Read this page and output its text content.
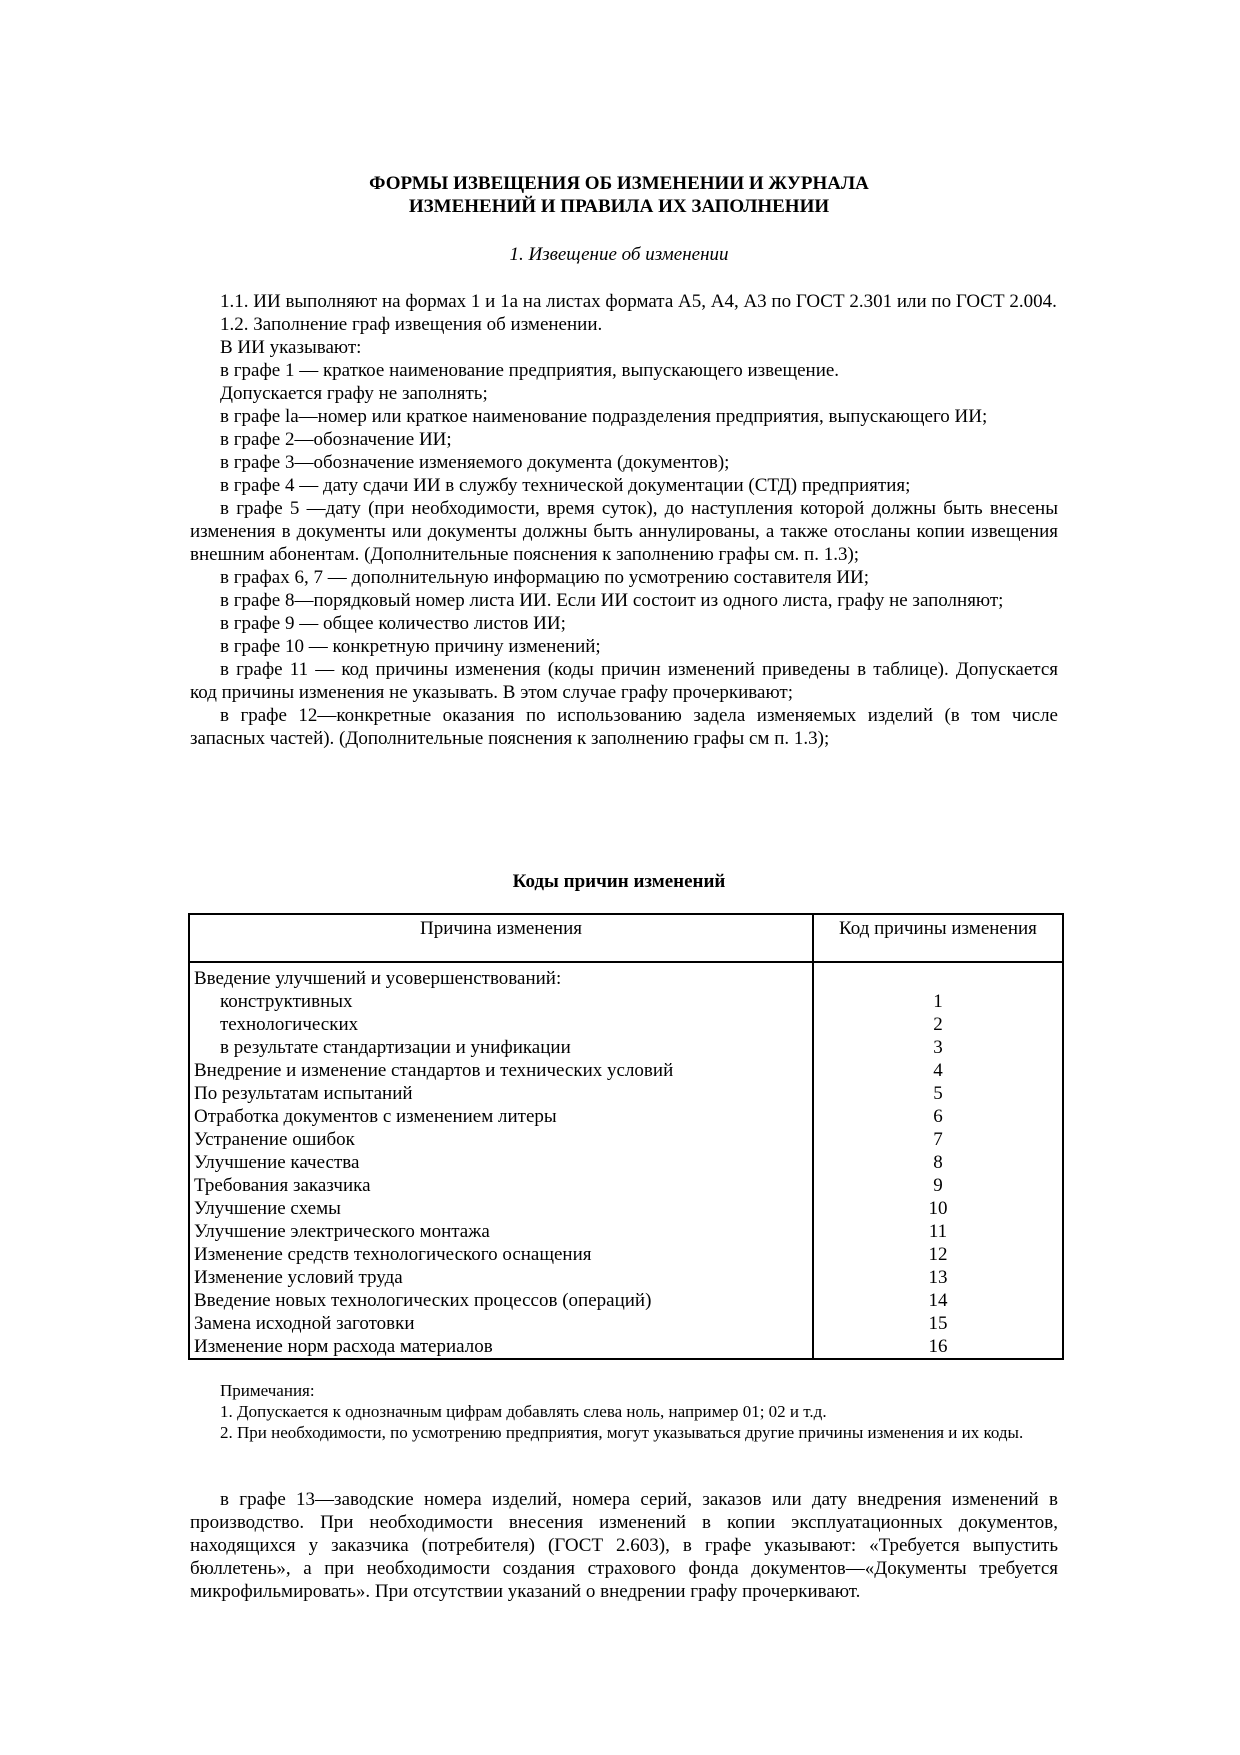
ФОРМЫ ИЗВЕЩЕНИЯ ОБ ИЗМЕНЕНИИ И ЖУРНАЛА
ИЗМЕНЕНИЙ И ПРАВИЛА ИХ ЗАПОЛНЕНИИ
1. Извещение об изменении

1.1. ИИ выполняют на формах 1 и 1а на листах формата А5, А4, А3 по ГОСТ 2.301 или по ГОСТ 2.004.

1.2. Заполнение граф извещения об изменении.

В ИИ указывают:

в графе 1 — краткое наименование предприятия, выпускающего извещение.

Допускается графу не заполнять;

в графе la—номер или краткое наименование подразделения предприятия, выпускающего ИИ;

в графе 2—обозначение ИИ;

в графе 3—обозначение изменяемого документа (документов);

в графе 4 — дату сдачи ИИ в службу технической документации (СТД) предприятия;

в графе 5 —дату (при необходимости, время суток), до наступления которой должны быть внесены изменения в документы или документы должны быть аннулированы, а также отосланы копии извещения внешним абонентам. (Дополнительные пояснения к заполнению графы см. п. 1.3);

в графах 6, 7 — дополнительную информацию по усмотрению составителя ИИ;

в графе 8—порядковый номер листа ИИ. Если ИИ состоит из одного листа, графу не заполняют;

в графе 9 — общее количество листов ИИ;

в графе 10 — конкретную причину изменений;

в графе 11 — код причины изменения (коды причин изменений приведены в таблице). Допускается код причины изменения не указывать. В этом случае графу прочеркивают;

в графе 12—конкретные оказания по использованию задела изменяемых изделий (в том числе запасных частей). (Дополнительные пояснения к заполнению графы см п. 1.3);

Коды причин изменений
Причина изменения	Код причины изменения
Введение улучшений и усовершенствований:	
конструктивных	1
технологических	2
в результате стандартизации и унификации	3
Внедрение и изменение стандартов и технических условий	4
По результатам испытаний	5
Отработка документов с изменением литеры	6
Устранение ошибок	7
Улучшение качества	8
Требования заказчика	9
Улучшение схемы	10
Улучшение электрического монтажа	11
Изменение средств технологического оснащения	12
Изменение условий труда	13
Введение новых технологических процессов (операций)	14
Замена исходной заготовки	15
Изменение норм расхода материалов	16

Примечания:

1. Допускается к однозначным цифрам добавлять слева ноль, например 01; 02 и т.д.

2. При необходимости, по усмотрению предприятия, могут указываться другие причины изменения и их коды.

в графе 13—заводские номера изделий, номера серий, заказов или дату внедрения изменений в производство. При необходимости внесения изменений в копии эксплуатационных документов, находящихся у заказчика (потребителя) (ГОСТ 2.603), в графе указывают: «Требуется выпустить бюллетень», а при необходимости создания страхового фонда документов—«Документы требуется микрофильмировать». При отсутствии указаний о внедрении графу прочеркивают.
